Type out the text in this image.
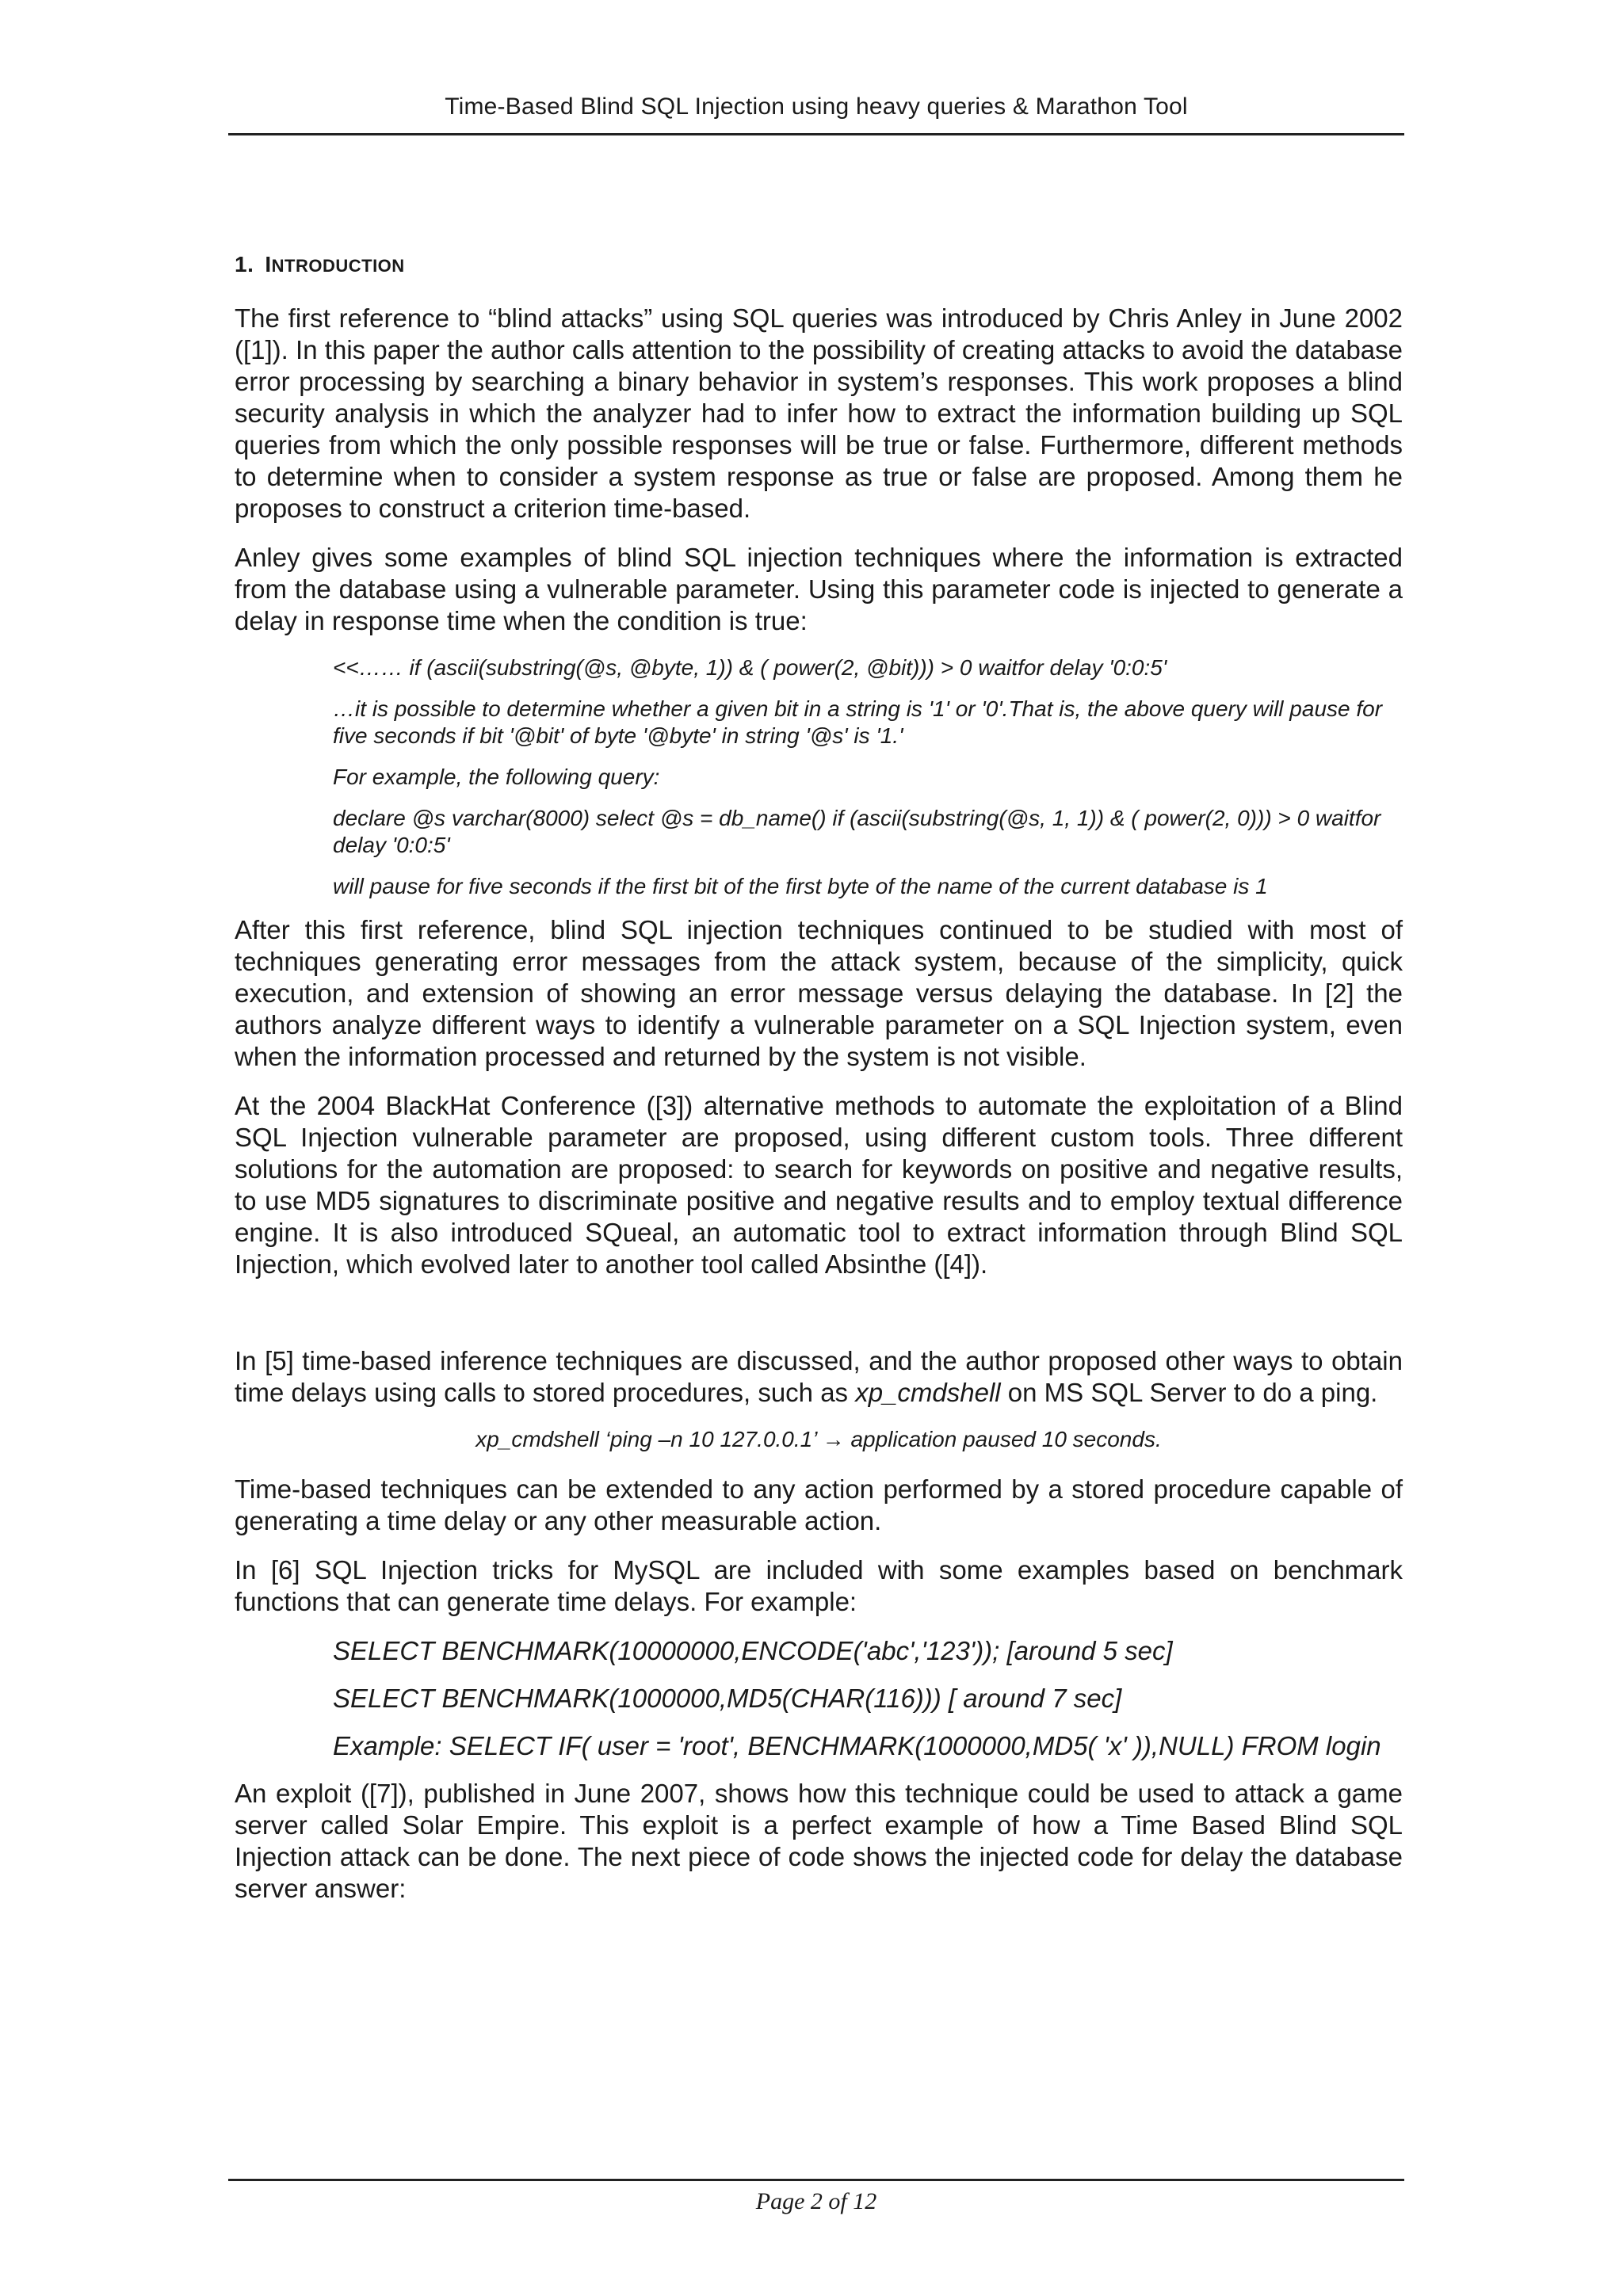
Time-Based Blind SQL Injection using heavy queries & Marathon Tool
1. INTRODUCTION

The first reference to “blind attacks” using SQL queries was introduced by Chris Anley in June 2002 ([1]). In this paper the author calls attention to the possibility of creating attacks to avoid the database error processing by searching a binary behavior in system’s responses. This work proposes a blind security analysis in which the analyzer had to infer how to extract the information building up SQL queries from which the only possible responses will be true or false. Furthermore, different methods to determine when to consider a system response as true or false are proposed. Among them he proposes to construct a criterion time-based.

Anley gives some examples of blind SQL injection techniques where the information is extracted from the database using a vulnerable parameter. Using this parameter code is injected to generate a delay in response time when the condition is true:

<<…… if (ascii(substring(@s, @byte, 1)) & ( power(2, @bit))) > 0 waitfor delay '0:0:5'

…it is possible to determine whether a given bit in a string is '1' or '0'.That is, the above query will pause for five seconds if bit '@bit' of byte '@byte' in string '@s' is '1.'

For example, the following query:

declare @s varchar(8000) select @s = db_name() if (ascii(substring(@s, 1, 1)) & ( power(2, 0))) > 0 waitfor delay '0:0:5'

will pause for five seconds if the first bit of the first byte of the name of the current database is 1

After this first reference, blind SQL injection techniques continued to be studied with most of techniques generating error messages from the attack system, because of the simplicity, quick execution, and extension of showing an error message versus delaying the database. In [2] the authors analyze different ways to identify a vulnerable parameter on a SQL Injection system, even when the information processed and returned by the system is not visible.

At the 2004 BlackHat Conference ([3]) alternative methods to automate the exploitation of a Blind SQL Injection vulnerable parameter are proposed, using different custom tools. Three different solutions for the automation are proposed: to search for keywords on positive and negative results, to use MD5 signatures to discriminate positive and negative results and to employ textual difference engine. It is also introduced SQueal, an automatic tool to extract information through Blind SQL Injection, which evolved later to another tool called Absinthe ([4]).

In [5] time-based inference techniques are discussed, and the author proposed other ways to obtain time delays using calls to stored procedures, such as xp_cmdshell on MS SQL Server to do a ping.

xp_cmdshell ‘ping –n 10 127.0.0.1’ → application paused 10 seconds.

Time-based techniques can be extended to any action performed by a stored procedure capable of generating a time delay or any other measurable action.

In [6] SQL Injection tricks for MySQL are included with some examples based on benchmark functions that can generate time delays. For example:

SELECT BENCHMARK(10000000,ENCODE('abc','123')); [around 5 sec]

SELECT BENCHMARK(1000000,MD5(CHAR(116))) [ around 7 sec]

Example: SELECT IF( user = 'root', BENCHMARK(1000000,MD5( 'x' )),NULL) FROM login

An exploit ([7]), published in June 2007, shows how this technique could be used to attack a game server called Solar Empire. This exploit is a perfect example of how a Time Based Blind SQL Injection attack can be done. The next piece of code shows the injected code for delay the database server answer:

Page 2 of 12
